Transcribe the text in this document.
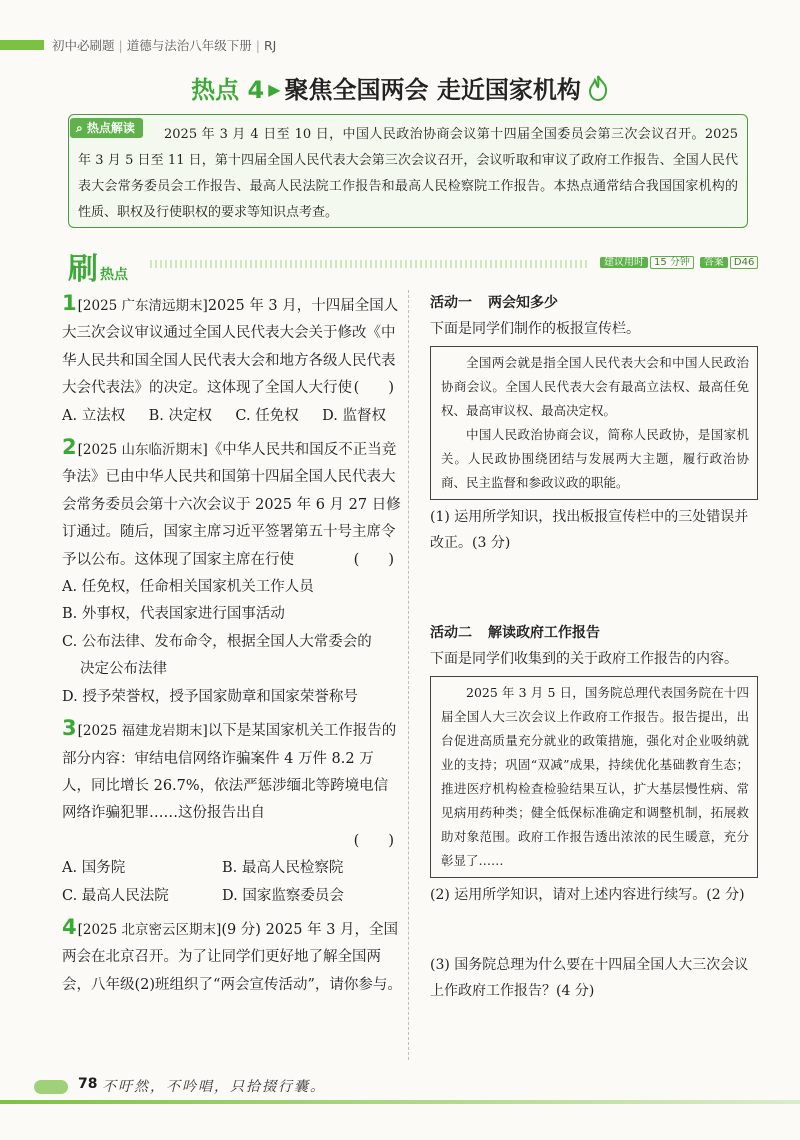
初中必刷题 | 道德与法治八年级下册 | RJ
热点 4 ▶ 聚焦全国两会 走近国家机构
⌕ 热点解读	2025 年 3 月 4 日至 10 日，中国人民政治协商会议第十四届全国委员会第三次会议召开。2025 年 3 月 5 日至 11 日，第十四届全国人民代表大会第三次会议召开，会议听取和审议了政府工作报告、全国人民代表大会常务委员会工作报告、最高人民法院工作报告和最高人民检察院工作报告。本热点通常结合我国国家机构的性质、职权及行使职权的要求等知识点考查。
刷热点
建议用时 15 分钟 答案 D46
1[2025 广东清远期末]2025 年 3 月，十四届全国人大三次会议审议通过全国人民代表大会关于修改《中华人民共和国全国人民代表大会和地方各级人民代表大会代表法》的决定。这体现了全国人大行使 (　　)
A. 立法权 B. 决定权 C. 任免权 D. 监督权
2[2025 山东临沂期末]《中华人民共和国反不正当竞争法》已由中华人民共和国第十四届全国人民代表大会常务委员会第十六次会议于 2025 年 6 月 27 日修订通过。随后，国家主席习近平签署第五十号主席令予以公布。这体现了国家主席在行使	(　　)
A. 任免权，任命相关国家机关工作人员
B. 外事权，代表国家进行国事活动
C. 公布法律、发布命令，根据全国人大常委会的
决定公布法律
D. 授予荣誉权，授予国家勋章和国家荣誉称号
3[2025 福建龙岩期末]以下是某国家机关工作报告的部分内容：审结电信网络诈骗案件 4 万件 8.2 万人，同比增长 26.7%，依法严惩涉缅北等跨境电信网络诈骗犯罪……这份报告出自
(　　)
A. 国务院	B. 最高人民检察院
C. 最高人民法院	D. 国家监察委员会
4[2025 北京密云区期末](9 分) 2025 年 3 月，全国两会在北京召开。为了让同学们更好地了解全国两会，八年级(2)班组织了“两会宣传活动”，请你参与。
活动一 两会知多少
下面是同学们制作的板报宣传栏。

全国两会就是指全国人民代表大会和中国人民政治协商会议。全国人民代表大会有最高立法权、最高任免权、最高审议权、最高决定权。

中国人民政治协商会议，简称人民政协，是国家机关。人民政协围绕团结与发展两大主题，履行政治协商、民主监督和参政议政的职能。

(1) 运用所学知识，找出板报宣传栏中的三处错误并改正。(3 分)
活动二 解读政府工作报告
下面是同学们收集到的关于政府工作报告的内容。

2025 年 3 月 5 日，国务院总理代表国务院在十四届全国人大三次会议上作政府工作报告。报告提出，出台促进高质量充分就业的政策措施，强化对企业吸纳就业的支持；巩固“双减”成果，持续优化基础教育生态；推进医疗机构检查检验结果互认，扩大基层慢性病、常见病用药种类；健全低保标准确定和调整机制，拓展救助对象范围。政府工作报告透出浓浓的民生暖意，充分彰显了……

(2) 运用所学知识，请对上述内容进行续写。(2 分)
(3) 国务院总理为什么要在十四届全国人大三次会议上作政府工作报告？(4 分)
78 不吁然，不吟唱，只拾掇行囊。
